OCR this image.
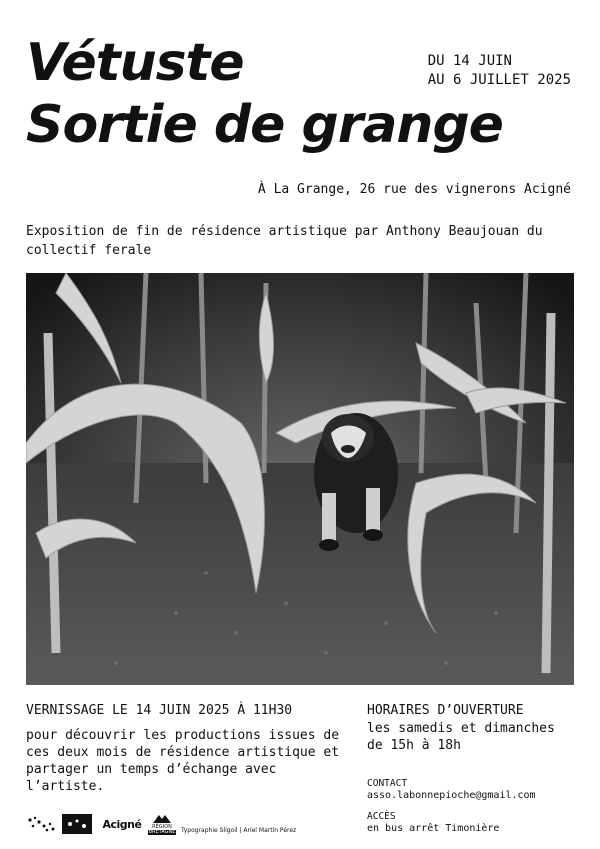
Vétuste
Sortie de grange
DU 14 JUIN
AU 6 JUILLET 2025
À La Grange, 26 rue des vignerons Acigné
Exposition de fin de résidence artistique par Anthony Beaujouan du collectif ferale
VERNISSAGE LE 14 JUIN 2025 À 11H30
pour découvrir les productions issues de ces deux mois de résidence artistique et partager un temps d’échange avec l’artiste.
HORAIRES D’OUVERTURE
les samedis et dimanches
de 15h à 18h
CONTACT
asso.labonnepioche@gmail.com
ACCÈS
en bus arrêt Timonière
Acigné	RÉGION
BRETAGNE Typographie Sligoil | Ariel Martín Pérez
